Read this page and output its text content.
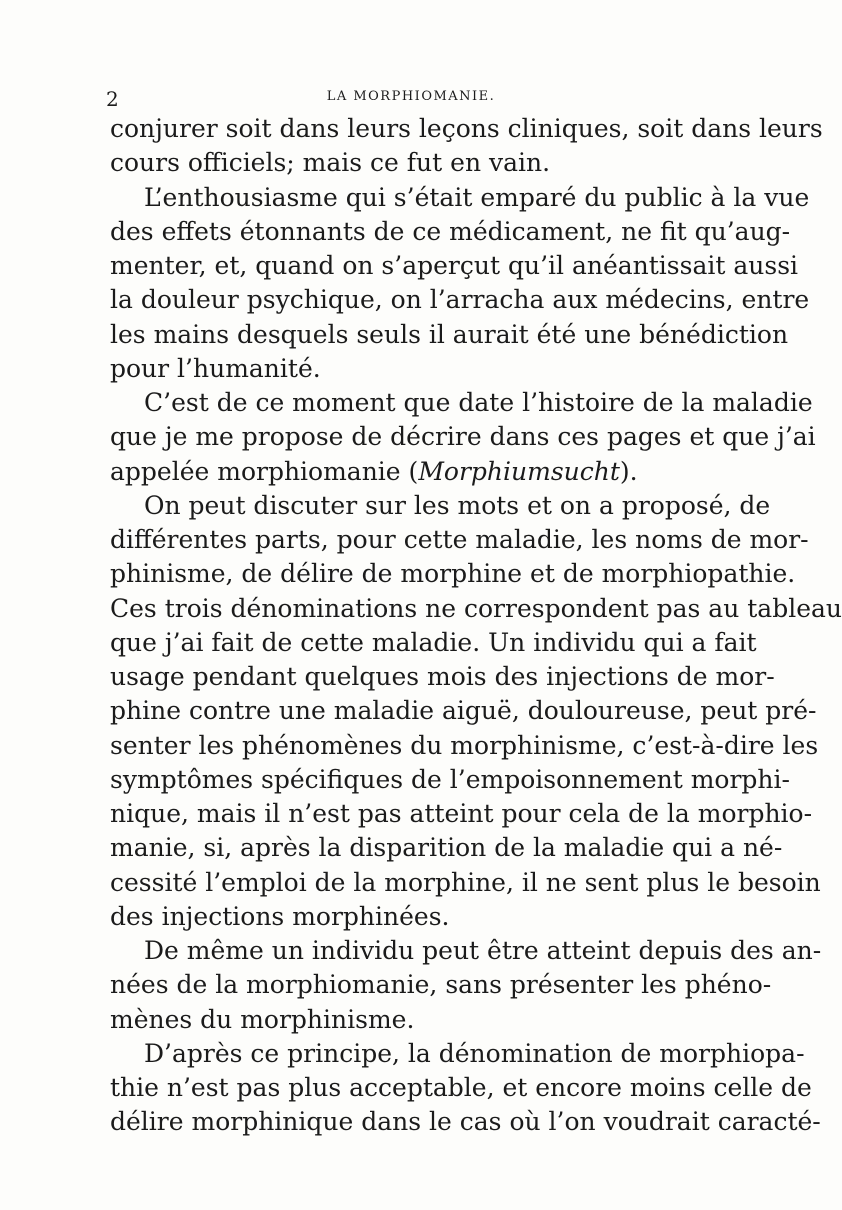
2	LA MORPHIOMANIE.
conjurer soit dans leurs leçons cliniques, soit dans leurs
cours officiels; mais ce fut en vain.
L’enthousiasme qui s’était emparé du public à la vue
des effets étonnants de ce médicament, ne fit qu’aug-
menter, et, quand on s’aperçut qu’il anéantissait aussi
la douleur psychique, on l’arracha aux médecins, entre
les mains desquels seuls il aurait été une bénédiction
pour l’humanité.
C’est de ce moment que date l’histoire de la maladie
que je me propose de décrire dans ces pages et que j’ai
appelée morphiomanie (Morphiumsucht).
On peut discuter sur les mots et on a proposé, de
différentes parts, pour cette maladie, les noms de mor-
phinisme, de délire de morphine et de morphiopathie.
Ces trois dénominations ne correspondent pas au tableau
que j’ai fait de cette maladie. Un individu qui a fait
usage pendant quelques mois des injections de mor-
phine contre une maladie aiguë, douloureuse, peut pré-
senter les phénomènes du morphinisme, c’est-à-dire les
symptômes spécifiques de l’empoisonnement morphi-
nique, mais il n’est pas atteint pour cela de la morphio-
manie, si, après la disparition de la maladie qui a né-
cessité l’emploi de la morphine, il ne sent plus le besoin
des injections morphinées.
De même un individu peut être atteint depuis des an-
nées de la morphiomanie, sans présenter les phéno-
mènes du morphinisme.
D’après ce principe, la dénomination de morphiopa-
thie n’est pas plus acceptable, et encore moins celle de
délire morphinique dans le cas où l’on voudrait caracté-
